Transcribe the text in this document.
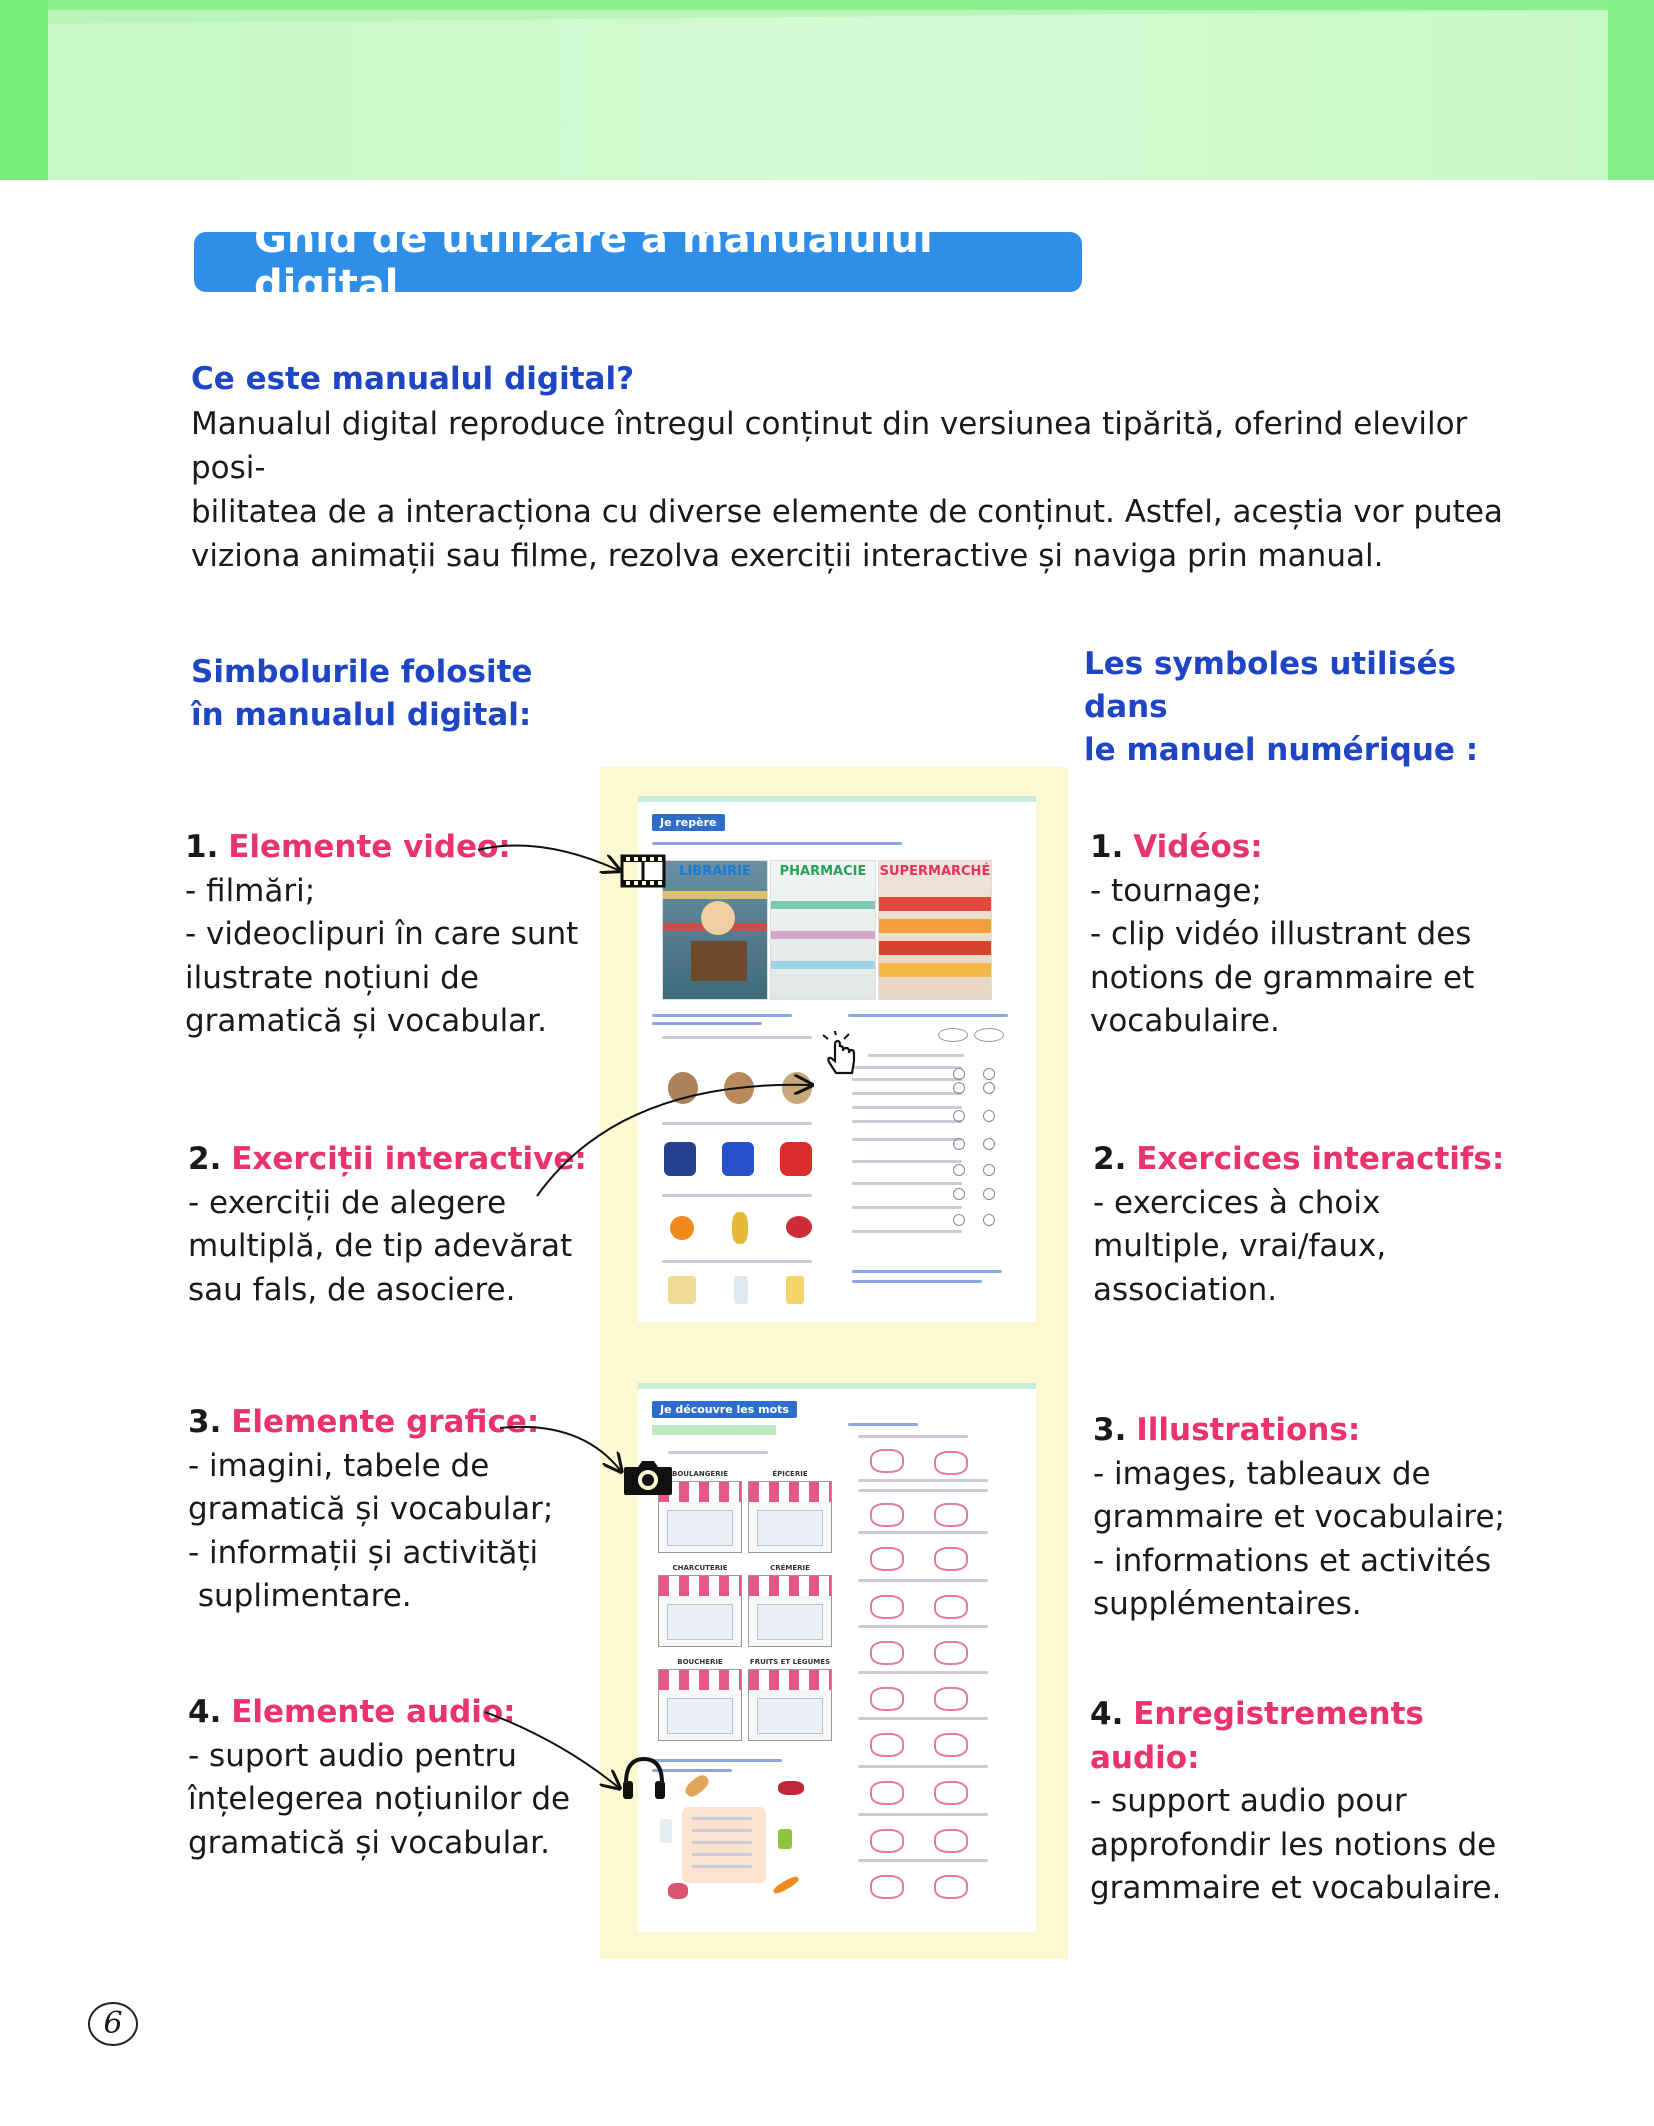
Ghid de utilizare a manualului digital
Ce este manualul digital?
Manualul digital reproduce întregul conținut din versiunea tipărită, oferind elevilor posi-
bilitatea de a interacționa cu diverse elemente de conținut. Astfel, aceștia vor putea
viziona animații sau filme, rezolva exerciții interactive și naviga prin manual.
Simbolurile folosite
în manualul digital:
Les symboles utilisés dans
le manuel numérique :
1. Elemente video:
- filmări;
- videoclipuri în care sunt
ilustrate noțiuni de
gramatică și vocabular.
2. Exerciții interactive:
- exerciții de alegere
multiplă, de tip adevărat
sau fals, de asociere.
3. Elemente grafice:
- imagini, tabele de
gramatică și vocabular;
- informații și activități
suplimentare.
4. Elemente audio:
- suport audio pentru
înțelegerea noțiunilor de
gramatică și vocabular.
1. Vidéos:
- tournage;
- clip vidéo illustrant des
notions de grammaire et
vocabulaire.
2. Exercices interactifs:
- exercices à choix
multiple, vrai/faux,
association.
3. Illustrations:
- images, tableaux de
grammaire et vocabulaire;
- informations et activités
supplémentaires.
4. Enregistrements
audio:
- support audio pour
approfondir les notions de
grammaire et vocabulaire.
Je repère
LIBRAIRIE	PHARMACIE	SUPERMARCHÉ
Je découvre les mots
BOULANGERIE	ÉPICERIE
CHARCUTERIE	CRÉMERIE
BOUCHERIE	FRUITS ET LÉGUMES
6
